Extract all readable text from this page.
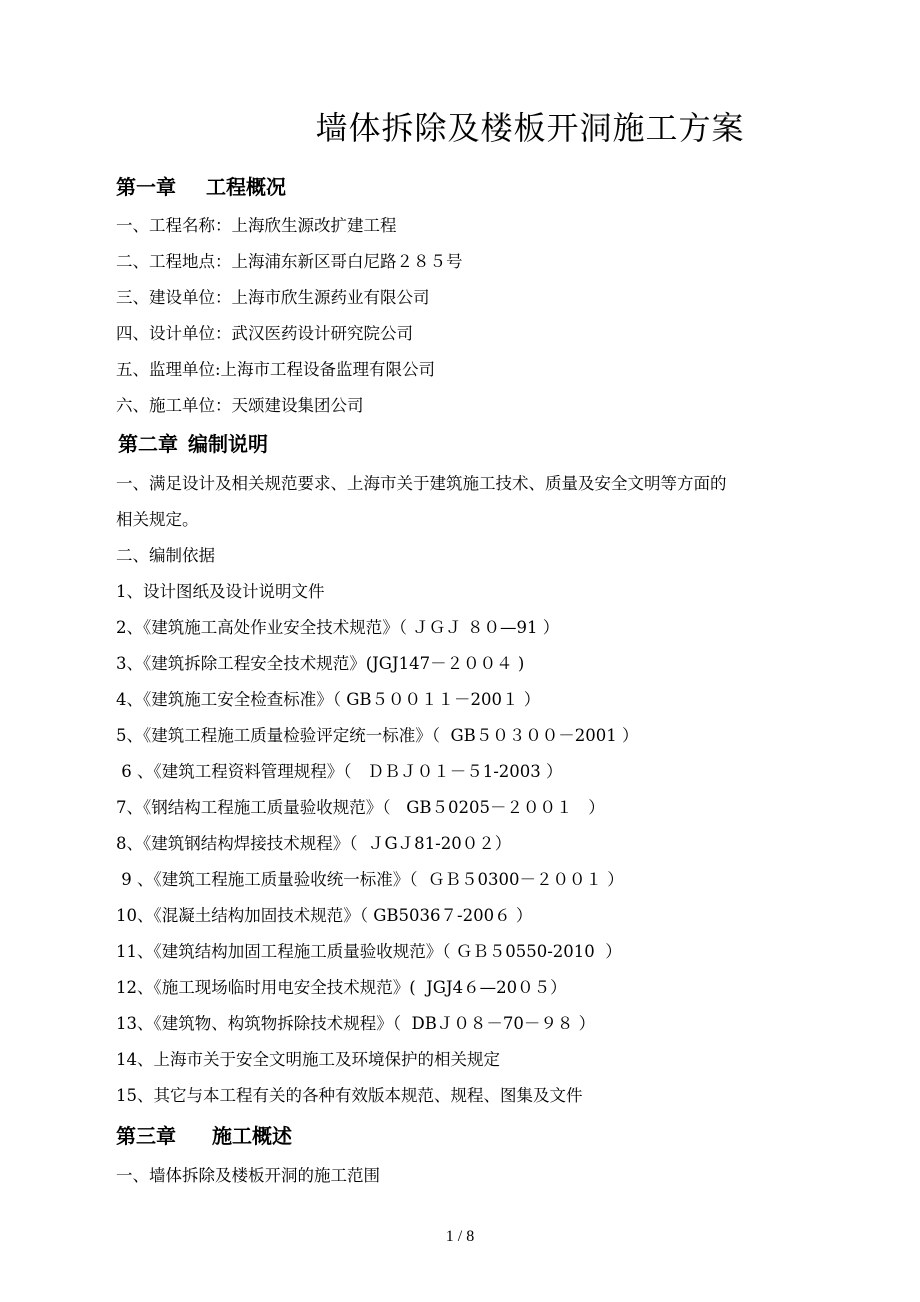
墙体拆除及楼板开洞施工方案
第一章 工程概况

一、工程名称：上海欣生源改扩建工程

二、工程地点：上海浦东新区哥白尼路２８５号

三、建设单位：上海市欣生源药业有限公司

四、设计单位：武汉医药设计研究院公司

五、监理单位:上海市工程设备监理有限公司

六、施工单位：天颂建设集团公司

第二章 编制说明

一、满足设计及相关规范要求、上海市关于建筑施工技术、质量及安全文明等方面的

相关规定。

二、编制依据

1、设计图纸及设计说明文件

2、《建筑施工高处作业安全技术规范》（ ＪＧＪ ８０—91 ）

3、《建筑拆除工程安全技术规范》(JGJ147－２００４ )

4、《建筑施工安全检查标准》（ GB５００１１－200１ ）

5、《建筑工程施工质量检验评定统一标准》（  GB５０３００－2001 ）

6 、《建筑工程资料管理规程》（   ＤＢＪ０１－５1-2003 ）

7、《钢结构工程施工质量验收规范》（   GB５0205－２００１   ）

8、《建筑钢结构焊接技术规程》（  ＪGＪ81-20０２）

9 、《建筑工程施工质量验收统一标准》（  ＧＢ５0300－２００１ ）

10、《混凝土结构加固技术规范》（ GB5036７-200６ ）

11、《建筑结构加固工程施工质量验收规范》（ ＧＢ５0550-2010  ）

12、《施工现场临时用电安全技术规范》(  JGJ4６—20０５）

13、《建筑物、构筑物拆除技术规程》（  DBＪ０８－70－９８ ）

14、上海市关于安全文明施工及环境保护的相关规定

15、其它与本工程有关的各种有效版本规范、规程、图集及文件

第三章 施工概述

一、墙体拆除及楼板开洞的施工范围

1 / 8
